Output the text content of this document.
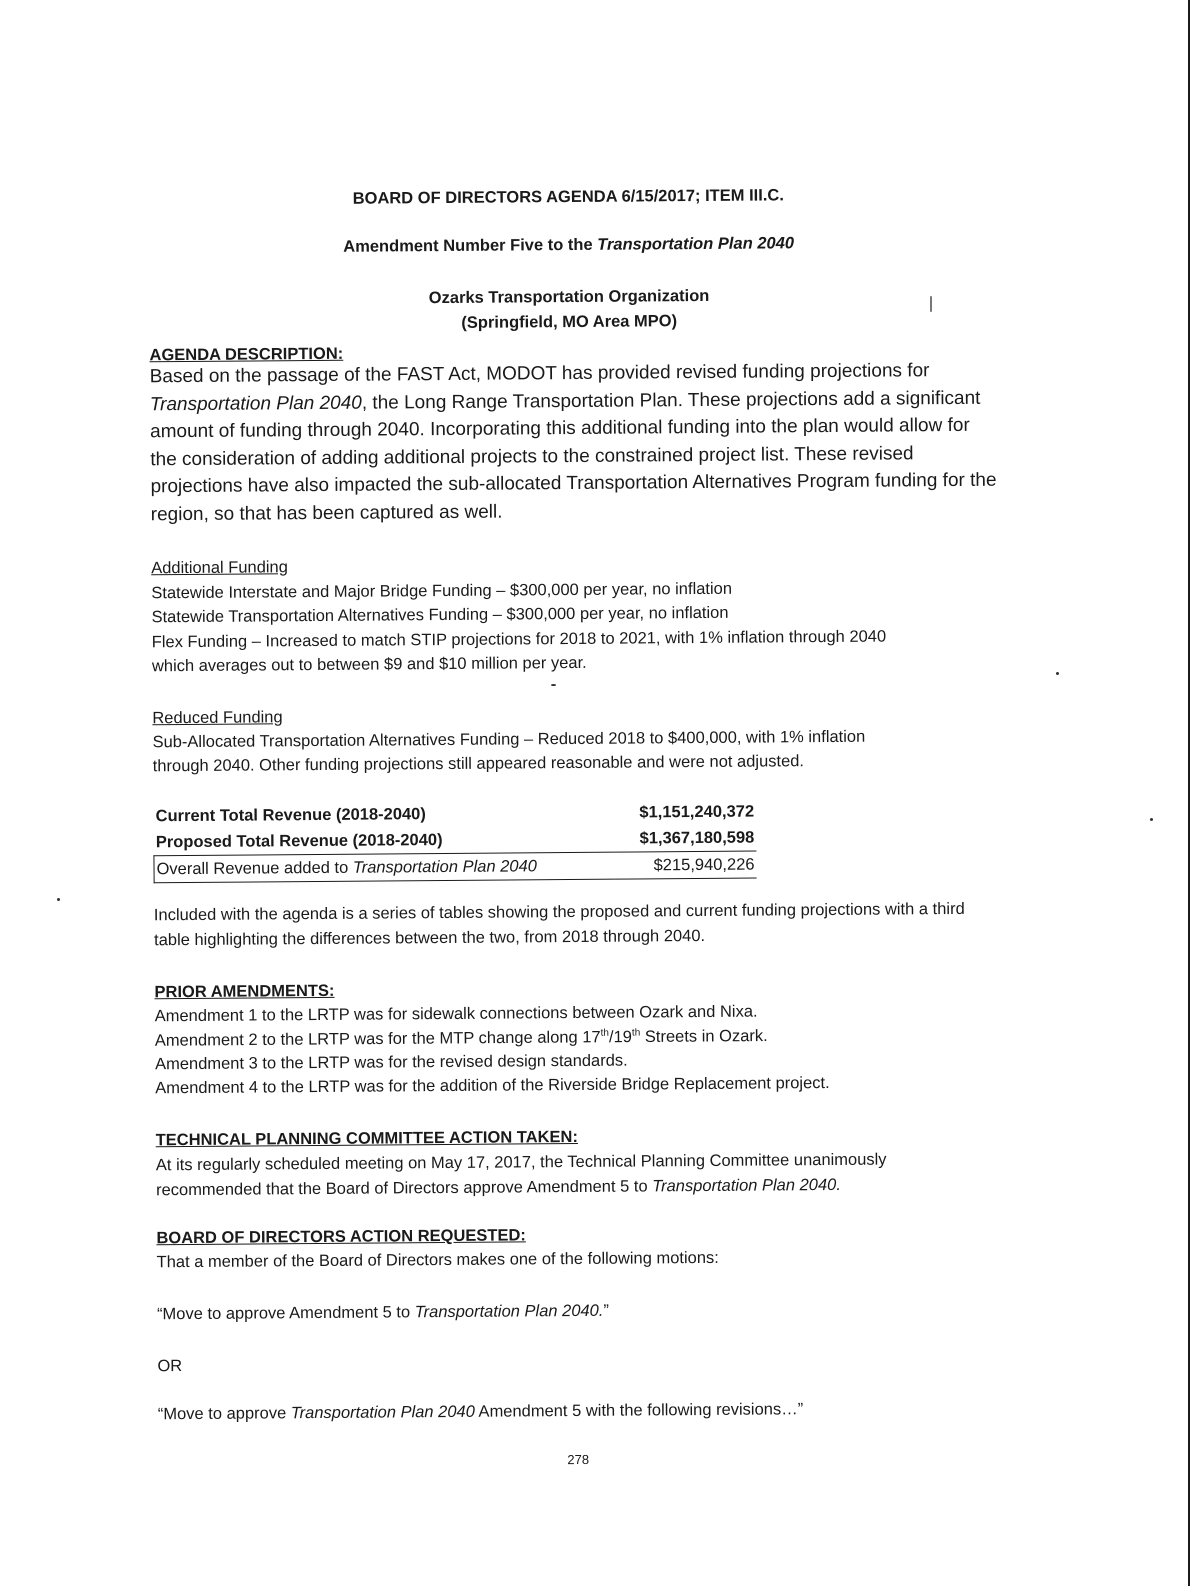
BOARD OF DIRECTORS AGENDA 6/15/2017; ITEM III.C.
Amendment Number Five to the Transportation Plan 2040
Ozarks Transportation Organization
(Springfield, MO Area MPO)
AGENDA DESCRIPTION:

Based on the passage of the FAST Act, MODOT has provided revised funding projections for Transportation Plan 2040, the Long Range Transportation Plan. These projections add a significant amount of funding through 2040. Incorporating this additional funding into the plan would allow for the consideration of adding additional projects to the constrained project list. These revised projections have also impacted the sub-allocated Transportation Alternatives Program funding for the region, so that has been captured as well.

Additional Funding
Statewide Interstate and Major Bridge Funding – $300,000 per year, no inflation
Statewide Transportation Alternatives Funding – $300,000 per year, no inflation
Flex Funding – Increased to match STIP projections for 2018 to 2021, with 1% inflation through 2040
which averages out to between $9 and $10 million per year.
Reduced Funding
Sub-Allocated Transportation Alternatives Funding – Reduced 2018 to $400,000, with 1% inflation
through 2040. Other funding projections still appeared reasonable and were not adjusted.
Current Total Revenue (2018-2040)	$1,151,240,372
Proposed Total Revenue (2018-2040)	$1,367,180,598
Overall Revenue added to Transportation Plan 2040	$215,940,226

Included with the agenda is a series of tables showing the proposed and current funding projections with a third table highlighting the differences between the two, from 2018 through 2040.

PRIOR AMENDMENTS:
Amendment 1 to the LRTP was for sidewalk connections between Ozark and Nixa.
Amendment 2 to the LRTP was for the MTP change along 17th/19th Streets in Ozark.
Amendment 3 to the LRTP was for the revised design standards.
Amendment 4 to the LRTP was for the addition of the Riverside Bridge Replacement project.
TECHNICAL PLANNING COMMITTEE ACTION TAKEN:

At its regularly scheduled meeting on May 17, 2017, the Technical Planning Committee unanimously recommended that the Board of Directors approve Amendment 5 to Transportation Plan 2040.

BOARD OF DIRECTORS ACTION REQUESTED:
That a member of the Board of Directors makes one of the following motions:
“Move to approve Amendment 5 to Transportation Plan 2040.”
OR
“Move to approve Transportation Plan 2040 Amendment 5 with the following revisions…”
278
